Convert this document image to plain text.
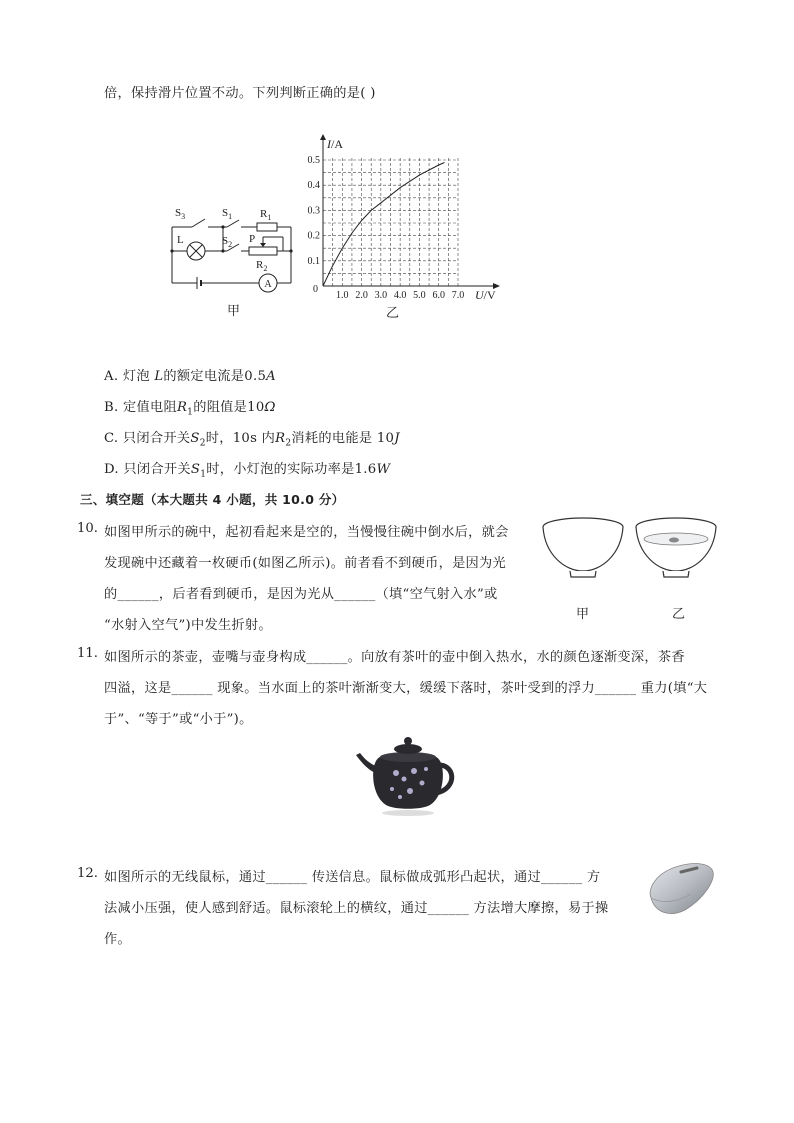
倍，保持滑片位置不动。下列判断正确的是( )
$S_3$	$S_1$	$R_1$
L	$S_2$ P
$R_2$
A
甲
1.0 2.0 3.0 4.0 5.0 6.0 7.0
0.1
0.2
0.3
0.4
0.5
I/A
U/V
0
乙
A. 灯泡 L的额定电流是0.5A
B. 定值电阻$R_1$的阻值是10Ω
C. 只闭合开关$S_2$时，10s 内$R_2$消耗的电能是 10J
D. 只闭合开关$S_1$时，小灯泡的实际功率是1.6W
三、填空题（本大题共 4 小题，共 10.0 分）
10. 如图甲所示的碗中，起初看起来是空的，当慢慢往碗中倒水后，就会
发现碗中还藏着一枚硬币(如图乙所示)。前者看不到硬币，是因为光
的______，后者看到硬币，是因为光从______（填“空气射入水”或
“水射入空气”)中发生折射。
甲	乙
11. 如图所示的茶壶，壶嘴与壶身构成______。向放有茶叶的壶中倒入热水，水的颜色逐渐变深，茶香
四溢，这是______ 现象。当水面上的茶叶渐渐变大，缓缓下落时，茶叶受到的浮力______ 重力(填“大
于”、“等于”或“小于”)。
12. 如图所示的无线鼠标，通过______ 传送信息。鼠标做成弧形凸起状，通过______ 方
法减小压强，使人感到舒适。鼠标滚轮上的横纹，通过______ 方法增大摩擦，易于操
作。
